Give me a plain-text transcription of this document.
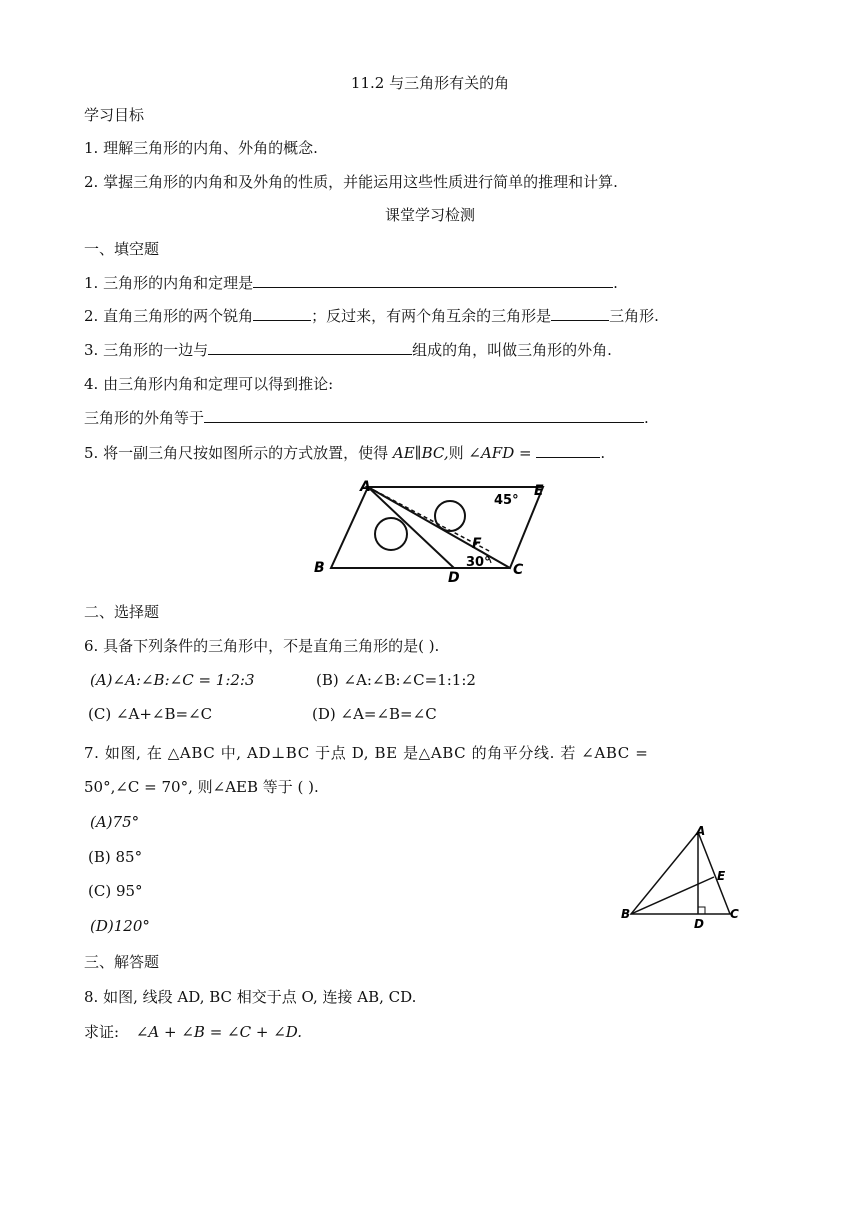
11.2 与三角形有关的角
学习目标
1. 理解三角形的内角、外角的概念.
2. 掌握三角形的内角和及外角的性质，并能运用这些性质进行简单的推理和计算.
课堂学习检测
一、填空题
1. 三角形的内角和定理是	.
2. 直角三角形的两个锐角	；反过来，有两个角互余的三角形是	三角形.
3. 三角形的一边与	组成的角，叫做三角形的外角.
4. 由三角形内角和定理可以得到推论:
三角形的外角等于	.
5. 将一副三角尺按如图所示的方式放置，使得 AE∥BC,则 ∠AFD =	.
A	E
45°
B
D	C
F
30°
二、选择题
6. 具备下列条件的三角形中，不是直角三角形的是( ).
(A)∠A:∠B:∠C = 1:2:3	(B) ∠A:∠B:∠C=1:1:2
(C) ∠A+∠B=∠C	(D) ∠A=∠B=∠C
7. 如图, 在 △ABC 中, AD⊥BC 于点 D, BE 是△ABC 的角平分线. 若 ∠ABC =
50°,∠C = 70°, 则∠AEB 等于 ( ).
(A)75°
(B) 85°
(C) 95°
(D)120°
A
E
B
D
C
三、解答题
8. 如图, 线段 AD, BC 相交于点 O, 连接 AB, CD.
求证: ∠A + ∠B = ∠C + ∠D.
